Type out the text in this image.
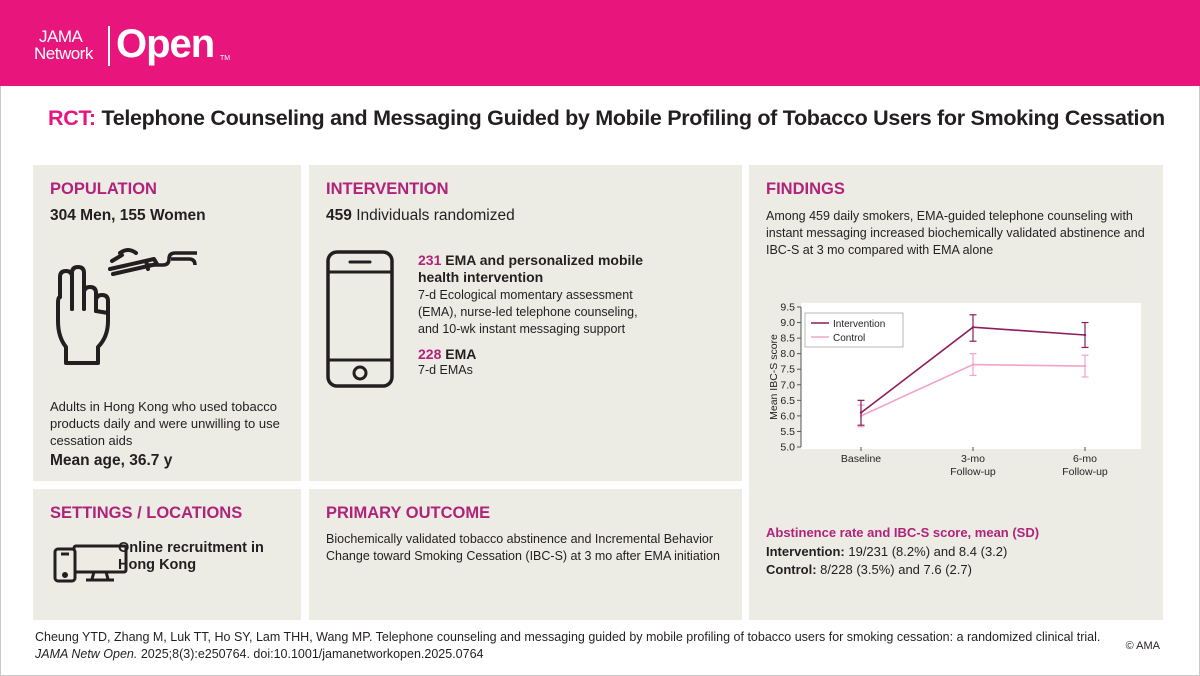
JAMA
Network Open TM
RCT: Telephone Counseling and Messaging Guided by Mobile Profiling of Tobacco Users for Smoking Cessation
POPULATION
304 Men, 155 Women
Adults in Hong Kong who used tobacco products daily and were unwilling to use cessation aids
Mean age, 36.7 y
INTERVENTION
459 Individuals randomized
231 EMA and personalized mobile health intervention
7-d Ecological momentary assessment (EMA), nurse-led telephone counseling, and 10-wk instant messaging support
228 EMA
7-d EMAs
FINDINGS
Among 459 daily smokers, EMA-guided telephone counseling with instant messaging increased biochemically validated abstinence and IBC-S at 3 mo compared with EMA alone
9.5
9.0
8.5
8.0
7.5
7.0
6.5
6.0
5.5
5.0
Baseline	3-mo
Follow-up
6-mo
Follow-up
Mean IBC-S score
Intervention
Control
Abstinence rate and IBC-S score, mean (SD)
Intervention: 19/231 (8.2%) and 8.4 (3.2)
Control: 8/228 (3.5%) and 7.6 (2.7)
SETTINGS / LOCATIONS
Online recruitment in Hong Kong
PRIMARY OUTCOME
Biochemically validated tobacco abstinence and Incremental Behavior Change toward Smoking Cessation (IBC-S) at 3 mo after EMA initiation
Cheung YTD, Zhang M, Luk TT, Ho SY, Lam THH, Wang MP. Telephone counseling and messaging guided by mobile profiling of tobacco users for smoking cessation: a randomized clinical trial.
JAMA Netw Open. 2025;8(3):e250764. doi:10.1001/jamanetworkopen.2025.0764
© AMA
